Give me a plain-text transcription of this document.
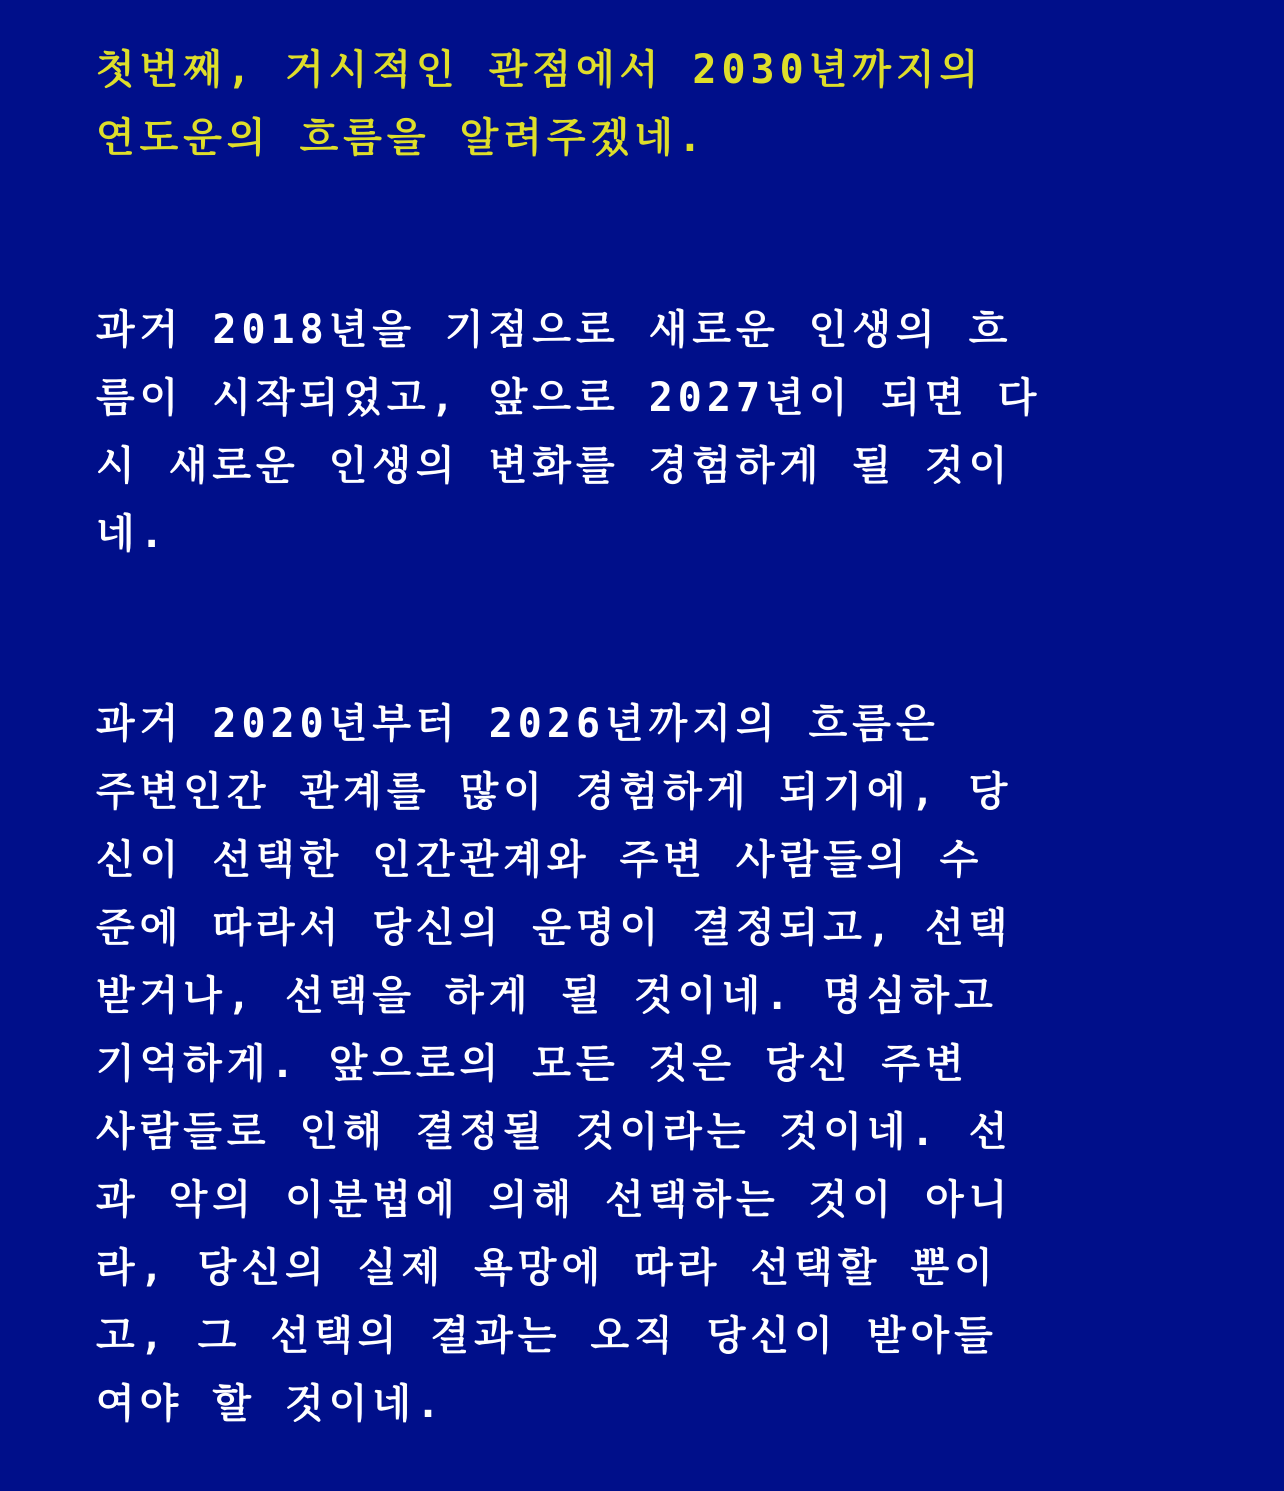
첫번째, 거시적인 관점에서 2030년까지의
연도운의 흐름을 알려주겠네.
과거 2018년을 기점으로 새로운 인생의 흐
름이 시작되었고, 앞으로 2027년이 되면 다
시 새로운 인생의 변화를 경험하게 될 것이
네.
과거 2020년부터 2026년까지의 흐름은
주변인간 관계를 많이 경험하게 되기에, 당
신이 선택한 인간관계와 주변 사람들의 수
준에 따라서 당신의 운명이 결정되고, 선택
받거나, 선택을 하게 될 것이네. 명심하고
기억하게. 앞으로의 모든 것은 당신 주변
사람들로 인해 결정될 것이라는 것이네. 선
과 악의 이분법에 의해 선택하는 것이 아니
라, 당신의 실제 욕망에 따라 선택할 뿐이
고, 그 선택의 결과는 오직 당신이 받아들
여야 할 것이네.
